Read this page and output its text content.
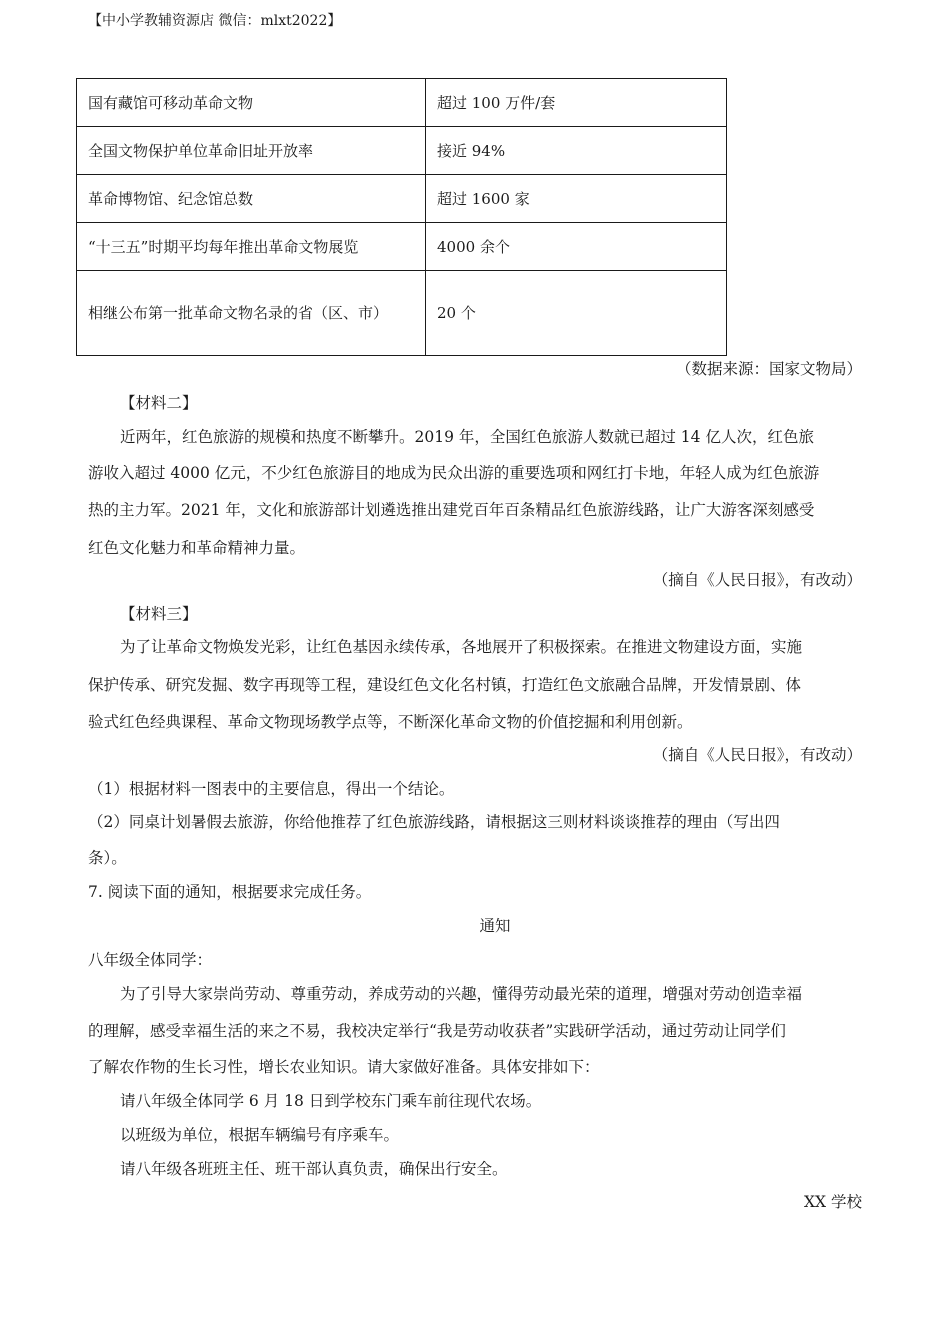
【中小学教辅资源店 微信：mlxt2022】
国有藏馆可移动革命文物	超过 100 万件/套
全国文物保护单位革命旧址开放率	接近 94%
革命博物馆、纪念馆总数	超过 1600 家
“十三五”时期平均每年推出革命文物展览	4000 余个
相继公布第一批革命文物名录的省（区、市）	20 个
（数据来源：国家文物局）
【材料二】
近两年，红色旅游的规模和热度不断攀升。2019 年，全国红色旅游人数就已超过 14 亿人次，红色旅
游收入超过 4000 亿元，不少红色旅游目的地成为民众出游的重要选项和网红打卡地，年轻人成为红色旅游
热的主力军。2021 年，文化和旅游部计划遴选推出建党百年百条精品红色旅游线路，让广大游客深刻感受
红色文化魅力和革命精神力量。
（摘自《人民日报》，有改动）
【材料三】
为了让革命文物焕发光彩，让红色基因永续传承，各地展开了积极探索。在推进文物建设方面，实施
保护传承、研究发掘、数字再现等工程，建设红色文化名村镇，打造红色文旅融合品牌，开发情景剧、体
验式红色经典课程、革命文物现场教学点等，不断深化革命文物的价值挖掘和利用创新。
（摘自《人民日报》，有改动）
（1）根据材料一图表中的主要信息，得出一个结论。
（2）同桌计划暑假去旅游，你给他推荐了红色旅游线路，请根据这三则材料谈谈推荐的理由（写出四
条）。
7. 阅读下面的通知，根据要求完成任务。
通知
八年级全体同学：
为了引导大家崇尚劳动、尊重劳动，养成劳动的兴趣，懂得劳动最光荣的道理，增强对劳动创造幸福
的理解，感受幸福生活的来之不易，我校决定举行“我是劳动收获者”实践研学活动，通过劳动让同学们
了解农作物的生长习性，增长农业知识。请大家做好准备。具体安排如下：
请八年级全体同学 6 月 18 日到学校东门乘车前往现代农场。
以班级为单位，根据车辆编号有序乘车。
请八年级各班班主任、班干部认真负责，确保出行安全。
XX 学校
